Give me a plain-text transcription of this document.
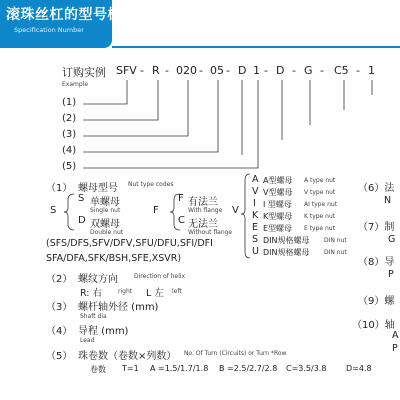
滚珠丝杠的型号标注
Specification Number
订购实例
Example
SFV - R - 020 - 05 - D 1 - D - G - C5 - 1
(1)
(2)
(3)
(4)
(5)
（1） 螺母型号 Nut type codes
S
S 单螺母
Single nut
D 双螺母
Double nut
F
F 有法兰
With flange
C 无法兰
Without flange
(SFS/DFS,SFV/DFV,SFU/DFU,SFI/DFI
SFA/DFA,SFK/BSH,SFE,XSVR)
（2） 螺纹方向	Direction of helix
R: 右	right L 左 left
（3） 螺杆轴外径 (mm)
Shaft dia
（4） 导程 (mm)
Lead
（5） 珠卷数（卷数×列数） No. Of Turn (Circuits) or Turn *Row
卷数 T=1 A =1.5/1.7/1.8 B =2.5/2.7/2.8 C=3.5/3.8 D=4.8
V
A A型螺母 A type nut
V V型螺母 V type nut
I I 型螺母 AI type nut
K K型螺母 K type nut
E E型螺母 E type nut
S DIN规格螺母 DIN nut
U DIN规格螺母 DIN nut
（6）法
N
（7）制
G
（8）导
P
（9）螺
（10）轴
A
P
